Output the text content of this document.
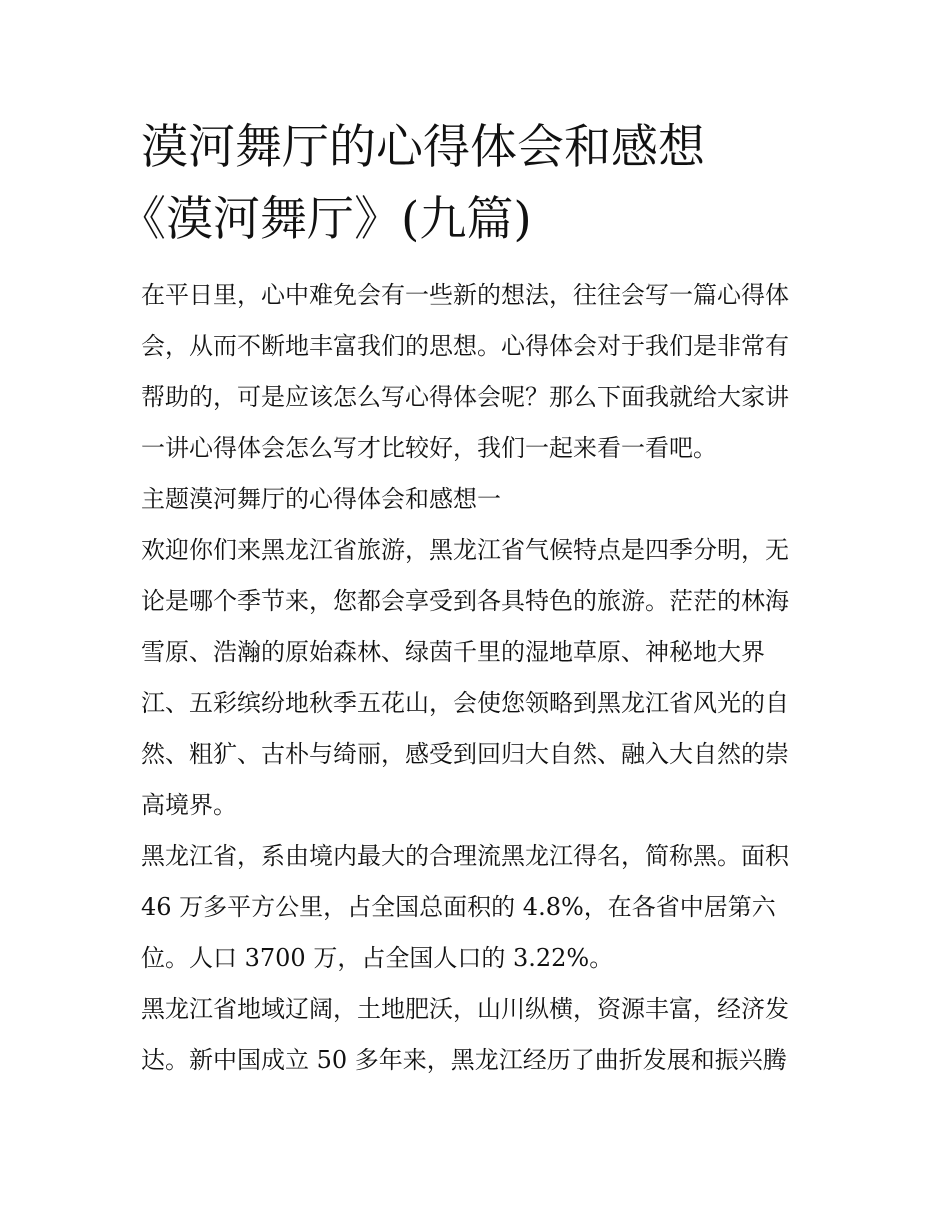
漠河舞厅的心得体会和感想
《漠河舞厅》(九篇)

在平日里，心中难免会有一些新的想法，往往会写一篇心得体
会，从而不断地丰富我们的思想。心得体会对于我们是非常有
帮助的，可是应该怎么写心得体会呢？那么下面我就给大家讲
一讲心得体会怎么写才比较好，我们一起来看一看吧。

主题漠河舞厅的心得体会和感想一

欢迎你们来黑龙江省旅游，黑龙江省气候特点是四季分明，无
论是哪个季节来，您都会享受到各具特色的旅游。茫茫的林海
雪原、浩瀚的原始森林、绿茵千里的湿地草原、神秘地大界
江、五彩缤纷地秋季五花山，会使您领略到黑龙江省风光的自
然、粗犷、古朴与绮丽，感受到回归大自然、融入大自然的崇
高境界。

黑龙江省，系由境内最大的合理流黑龙江得名，简称黑。面积
46 万多平方公里，占全国总面积的 4.8%，在各省中居第六
位。人口 3700 万，占全国人口的 3.22%。

黑龙江省地域辽阔，土地肥沃，山川纵横，资源丰富，经济发
达。新中国成立 50 多年来，黑龙江经历了曲折发展和振兴腾
